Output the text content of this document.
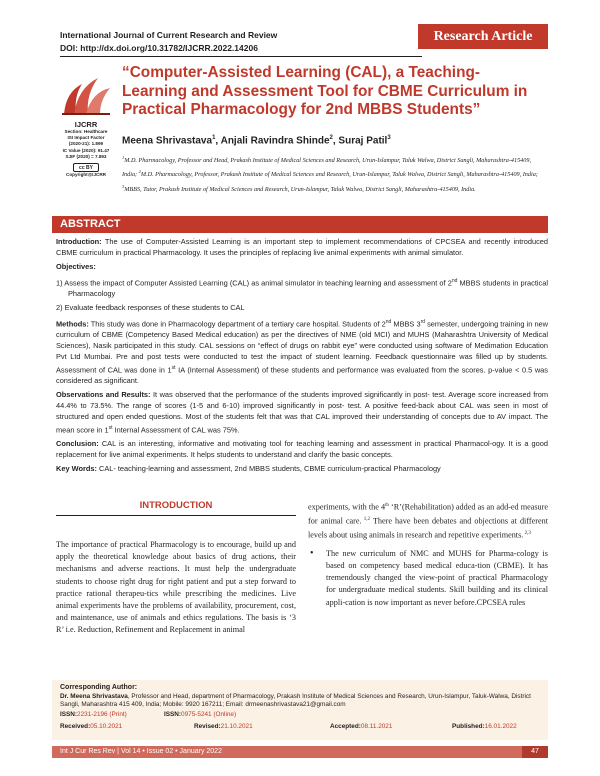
International Journal of Current Research and Review
DOI: http://dx.doi.org/10.31782/IJCRR.2022.14206
Research Article
IJCRR
Section: Healthcare
ISI Impact Factor
(2020-21): 1.899
IC Value (2020): 91.47
SJIF (2020) = 7.893
cc BY
Copyright@IJCRR
“Computer-Assisted Learning (CAL), a Teaching-Learning and Assessment Tool for CBME Curriculum in Practical Pharmacology for 2nd MBBS Students”
Meena Shrivastava$^1$, Anjali Ravindra Shinde$^2$, Suraj Patil$^3$
$^1$M.D. Pharmacology, Professor and Head, Prakash Institute of Medical Sciences and Research, Urun-Islampur, Taluk Walwa, District Sangli, Maharashtra-415409, India; $^2$M.D. Pharmacology, Professor, Prakash Institute of Medical Sciences and Research, Urun-Islampur, Taluk Walwa, District Sangli, Maharashtra-415409, India; $^3$MBBS, Tutor, Prakash Institute of Medical Sciences and Research, Urun-Islampur, Taluk Walwa, District Sangli, Maharashtra-415409, India.
ABSTRACT

Introduction: The use of Computer-Assisted Learning is an important step to implement recommendations of CPCSEA and recently introduced CBME curriculum in practical Pharmacology. It uses the principles of replacing live animal experiments with animal simulator.

Objectives:

1) Assess the impact of Computer Assisted Learning (CAL) as animal simulator in teaching learning and assessment of 2nd MBBS students in practical Pharmacology

2) Evaluate feedback responses of these students to CAL

Methods: This study was done in Pharmacology department of a tertiary care hospital. Students of 2nd MBBS 3rd semester, undergoing training in new curriculum of CBME (Competency Based Medical education) as per the directives of NME (old MCI) and MUHS (Maharashtra University of Medical Sciences), Nasik participated in this study. CAL sessions on “effect of drugs on rabbit eye” were conducted using software of Medimation Education Pvt Ltd Mumbai. Pre and post tests were conducted to test the impact of student learning. Feedback questionnaire was filled up by students. Assessment of CAL was done in 1st IA (Internal Assessment) of these students and performance was evaluated from the scores. p-value < 0.5 was considered as significant.

Observations and Results: It was observed that the performance of the students improved significantly in post- test. Average score increased from 44.4% to 73.5%. The range of scores (1-5 and 6-10) improved significantly in post- test. A positive feed-back about CAL was seen in most of structured and open ended questions. Most of the students felt that was that CAL improved their understanding of concepts due to AV impact. The mean score in 1st Internal Assessment of CAL was 75%.

Conclusion: CAL is an interesting, informative and motivating tool for teaching learning and assessment in practical Pharmacol-ogy. It is a good replacement for live animal experiments. It helps students to understand and clarify the basic concepts.

Key Words: CAL- teaching-learning and assessment, 2nd MBBS students, CBME curriculum-practical Pharmacology

INTRODUCTION

The importance of practical Pharmacology is to encourage, build up and apply the theoretical knowledge about basics of drug actions, their mechanisms and adverse reactions. It must help the undergraduate students to choose right drug for right patient and put a step forward to practice rational therapeu-tics while prescribing the medicines. Live animal experiments have the problems of availability, procurement, cost, and maintenance, use of animals and ethics regulations. The basis is ‘3 R’ i.e. Reduction, Refinement and Replacement in animal

experiments, with the 4th ‘R’(Rehabilitation) added as an add-ed measure for animal care. $^{1,2}$ There have been debates and objections at different levels about using animals in research and repetitive experiments. $^{2,3}$
• The new curriculum of NMC and MUHS for Pharma-cology is based on competency based medical educa-tion (CBME). It has tremendously changed the view-point of practical Pharmacology for undergraduate medical students. Skill building and its clinical appli-cation is now important as never before.CPCSEA rules
Corresponding Author:
Dr. Meena Shrivastava, Professor and Head, department of Pharmacology, Prakash Institute of Medical Sciences and Research, Urun-Islampur, Taluk-Walwa, District Sangli, Maharashtra 415 409, India; Mobile: 9920 167211; Email: drmeenashrivastava21@gmail.com
ISSN: 2231-2196 (Print)	ISSN: 0975-5241 (Online)
Received: 05.10.2021	Revised: 21.10.2021	Accepted: 08.11.2021	Published: 16.01.2022
Int J Cur Res Rev | Vol 14 • Issue 02 • January 2022	47
